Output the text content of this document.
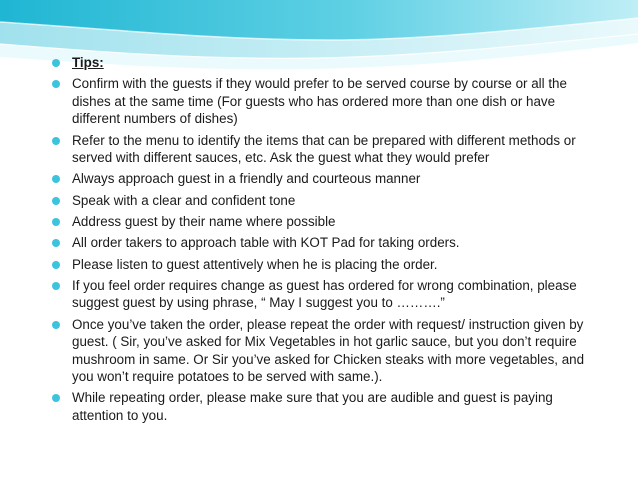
Tips:
Confirm with the guests if they would prefer to be served course by course or all the dishes at the same time (For guests who has ordered more than one dish or have different numbers of dishes)
Refer to the menu to identify the items that can be prepared with different methods or served with different sauces, etc. Ask the guest what they would prefer
Always approach guest in a friendly and courteous manner
Speak with a clear and confident tone
Address guest by their name where possible
All order takers to approach table with KOT Pad for taking orders.
Please listen to guest attentively when he is placing the order.
If you feel order requires change as guest has ordered for wrong combination, please suggest guest by using phrase, “ May I suggest you to ……….”
Once you’ve taken the order, please repeat the order with request/ instruction given by guest. ( Sir, you’ve asked for Mix Vegetables in hot garlic sauce, but you don’t require mushroom in same. Or Sir you’ve asked for Chicken steaks with more vegetables, and you won’t require potatoes to be served with same.).
While repeating order, please make sure that you are audible and guest is paying attention to you.
